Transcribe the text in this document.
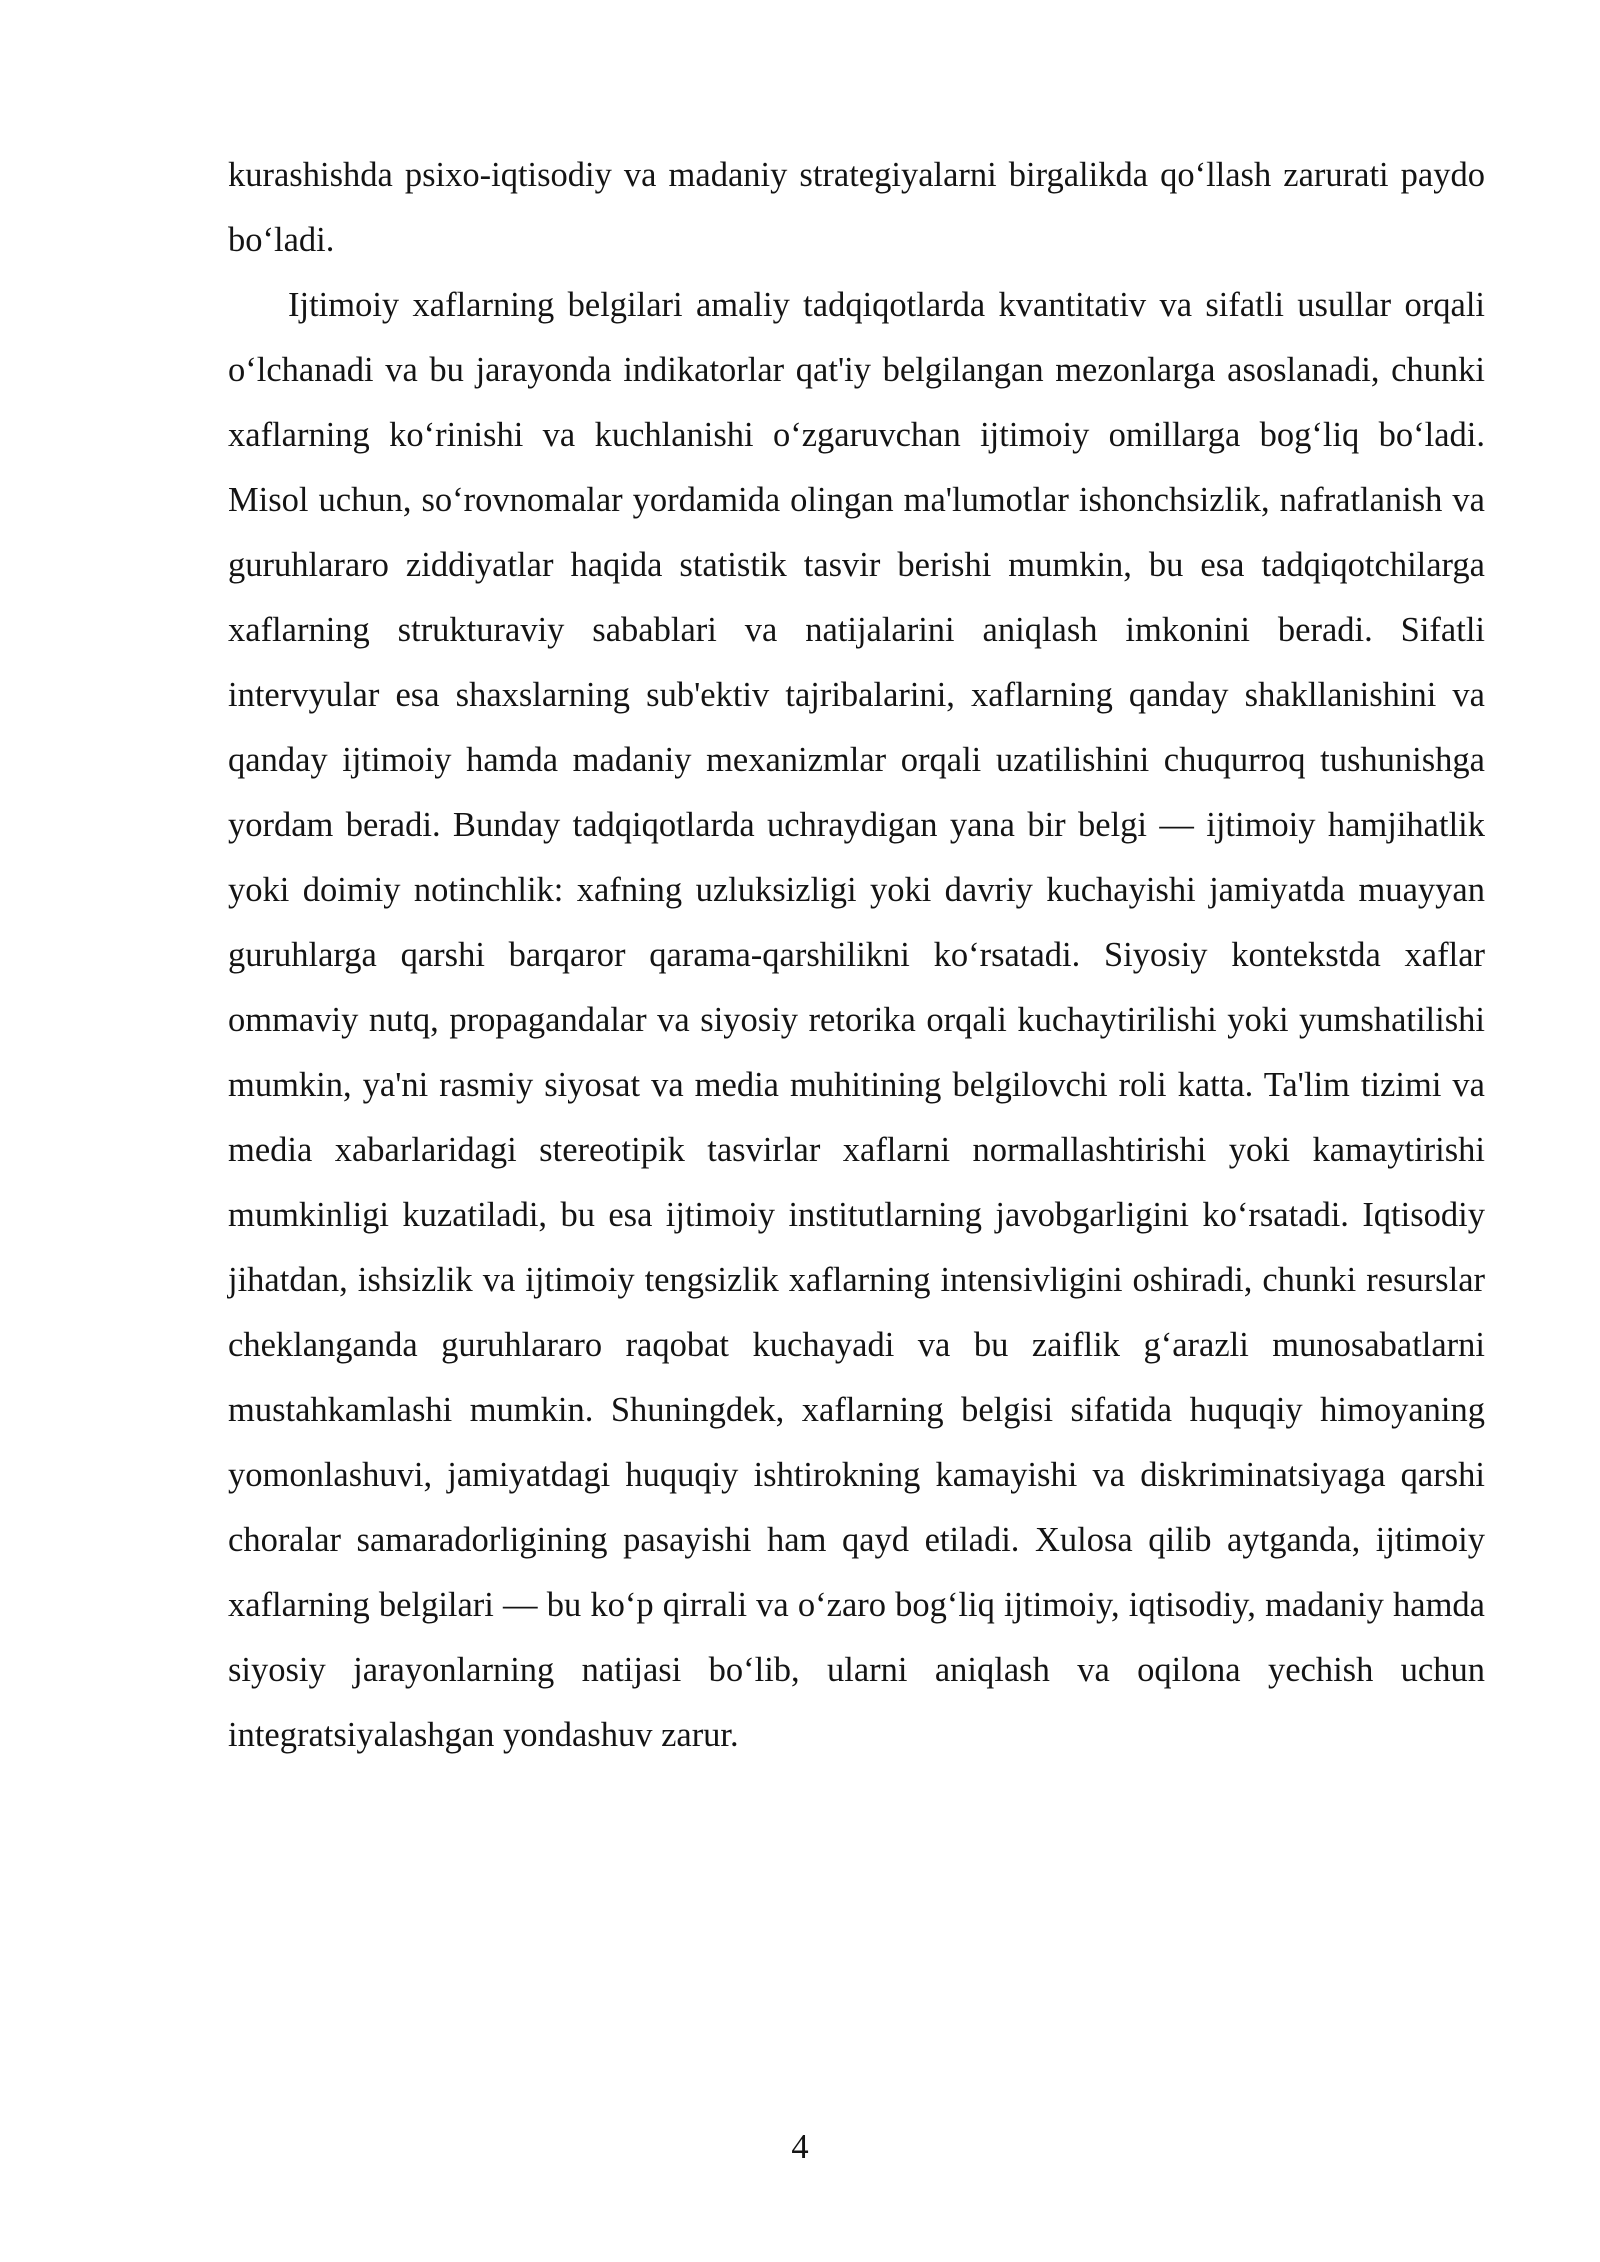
kurashishda psixo-iqtisodiy va madaniy strategiyalarni birgalikda qo‘llash zarurati paydo bo‘ladi.

Ijtimoiy xaflarning belgilari amaliy tadqiqotlarda kvantitativ va sifatli usullar orqali o‘lchanadi va bu jarayonda indikatorlar qat'iy belgilangan mezonlarga asoslanadi, chunki xaflarning ko‘rinishi va kuchlanishi o‘zgaruvchan ijtimoiy omillarga bog‘liq bo‘ladi. Misol uchun, so‘rovnomalar yordamida olingan ma'lumotlar ishonchsizlik, nafratlanish va guruhlararo ziddiyatlar haqida statistik tasvir berishi mumkin, bu esa tadqiqotchilarga xaflarning strukturaviy sabablari va natijalarini aniqlash imkonini beradi. Sifatli intervyular esa shaxslarning sub'ektiv tajribalarini, xaflarning qanday shakllanishini va qanday ijtimoiy hamda madaniy mexanizmlar orqali uzatilishini chuqurroq tushunishga yordam beradi. Bunday tadqiqotlarda uchraydigan yana bir belgi — ijtimoiy hamjihatlik yoki doimiy notinchlik: xafning uzluksizligi yoki davriy kuchayishi jamiyatda muayyan guruhlarga qarshi barqaror qarama-qarshilikni ko‘rsatadi. Siyosiy kontekstda xaflar ommaviy nutq, propagandalar va siyosiy retorika orqali kuchaytirilishi yoki yumshatilishi mumkin, ya'ni rasmiy siyosat va media muhitining belgilovchi roli katta. Ta'lim tizimi va media xabarlaridagi stereotipik tasvirlar xaflarni normallashtirishi yoki kamaytirishi mumkinligi kuzatiladi, bu esa ijtimoiy institutlarning javobgarligini ko‘rsatadi. Iqtisodiy jihatdan, ishsizlik va ijtimoiy tengsizlik xaflarning intensivligini oshiradi, chunki resurslar cheklanganda guruhlararo raqobat kuchayadi va bu zaiflik g‘arazli munosabatlarni mustahkamlashi mumkin. Shuningdek, xaflarning belgisi sifatida huquqiy himoyaning yomonlashuvi, jamiyatdagi huquqiy ishtirokning kamayishi va diskriminatsiyaga qarshi choralar samaradorligining pasayishi ham qayd etiladi. Xulosa qilib aytganda, ijtimoiy xaflarning belgilari — bu ko‘p qirrali va o‘zaro bog‘liq ijtimoiy, iqtisodiy, madaniy hamda siyosiy jarayonlarning natijasi bo‘lib, ularni aniqlash va oqilona yechish uchun integratsiyalashgan yondashuv zarur.

4
